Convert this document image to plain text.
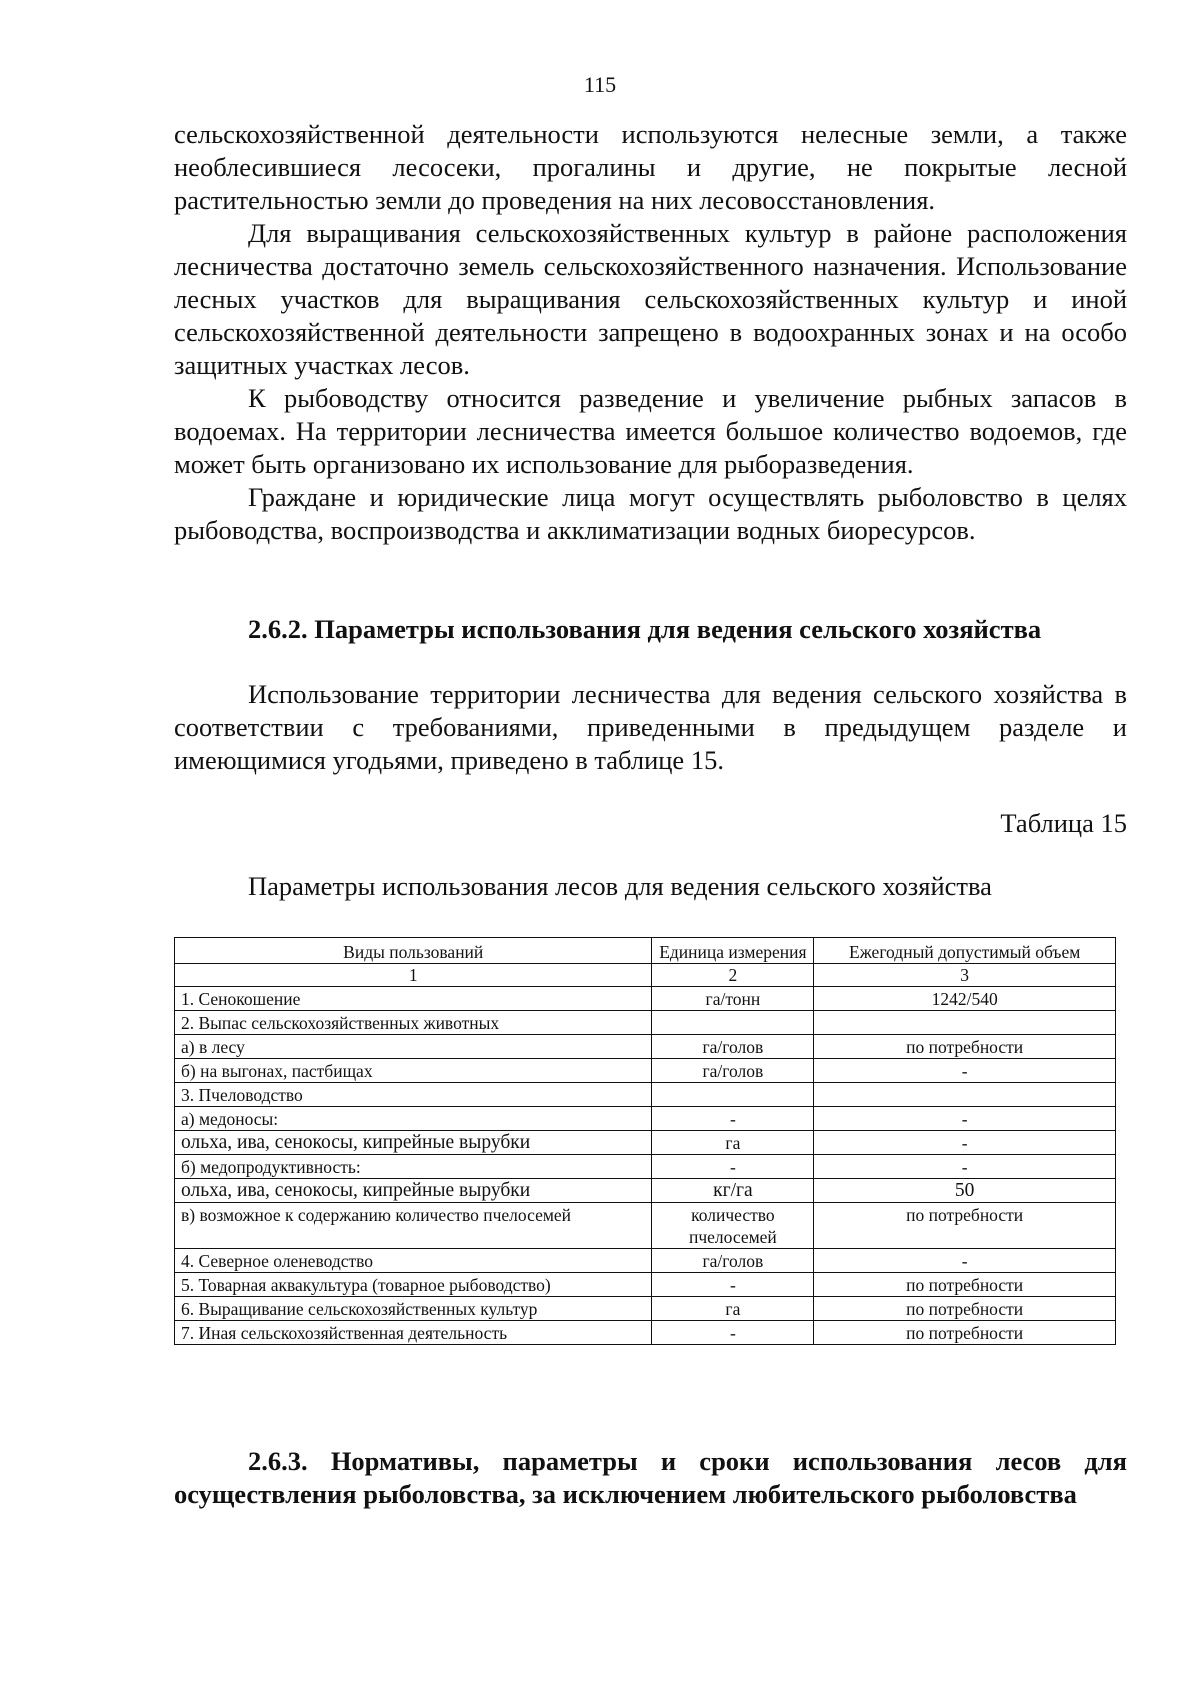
115

сельскохозяйственной деятельности используются нелесные земли, а также необлесившиеся лесосеки, прогалины и другие, не покрытые лесной растительностью земли до проведения на них лесовосстановления.

Для выращивания сельскохозяйственных культур в районе расположения лесничества достаточно земель сельскохозяйственного назначения. Использование лесных участков для выращивания сельскохозяйственных культур и иной сельскохозяйственной деятельности запрещено в водоохранных зонах и на особо защитных участках лесов.

К рыбоводству относится разведение и увеличение рыбных запасов в водоемах. На территории лесничества имеется большое количество водоемов, где может быть организовано их использование для рыборазведения.

Граждане и юридические лица могут осуществлять рыболовство в целях рыбоводства, воспроизводства и акклиматизации водных биоресурсов.

2.6.2. Параметры использования для ведения сельского хозяйства

Использование территории лесничества для ведения сельского хозяйства в соответствии с требованиями, приведенными в предыдущем разделе и имеющимися угодьями, приведено в таблице 15.

Таблица 15
Параметры использования лесов для ведения сельского хозяйства
Виды пользований	Единица измерения	Ежегодный допустимый объем
1	2	3
1. Сенокошение	га/тонн	1242/540
2. Выпас сельскохозяйственных животных		
а) в лесу	га/голов	по потребности
б) на выгонах, пастбищах	га/голов	-
3. Пчеловодство		
а) медоносы:	-	-
ольха, ива, сенокосы, кипрейные вырубки	га	-
б) медопродуктивность:	-	-
ольха, ива, сенокосы, кипрейные вырубки	кг/га	50
в) возможное к содержанию количество пчелосемей	количество пчелосемей	по потребности
4. Северное оленеводство	га/голов	-
5. Товарная аквакультура (товарное рыбоводство)	-	по потребности
6. Выращивание сельскохозяйственных культур	га	по потребности
7. Иная сельскохозяйственная деятельность	-	по потребности
2.6.3. Нормативы, параметры и сроки использования лесов для осуществления рыболовства, за исключением любительского рыболовства
